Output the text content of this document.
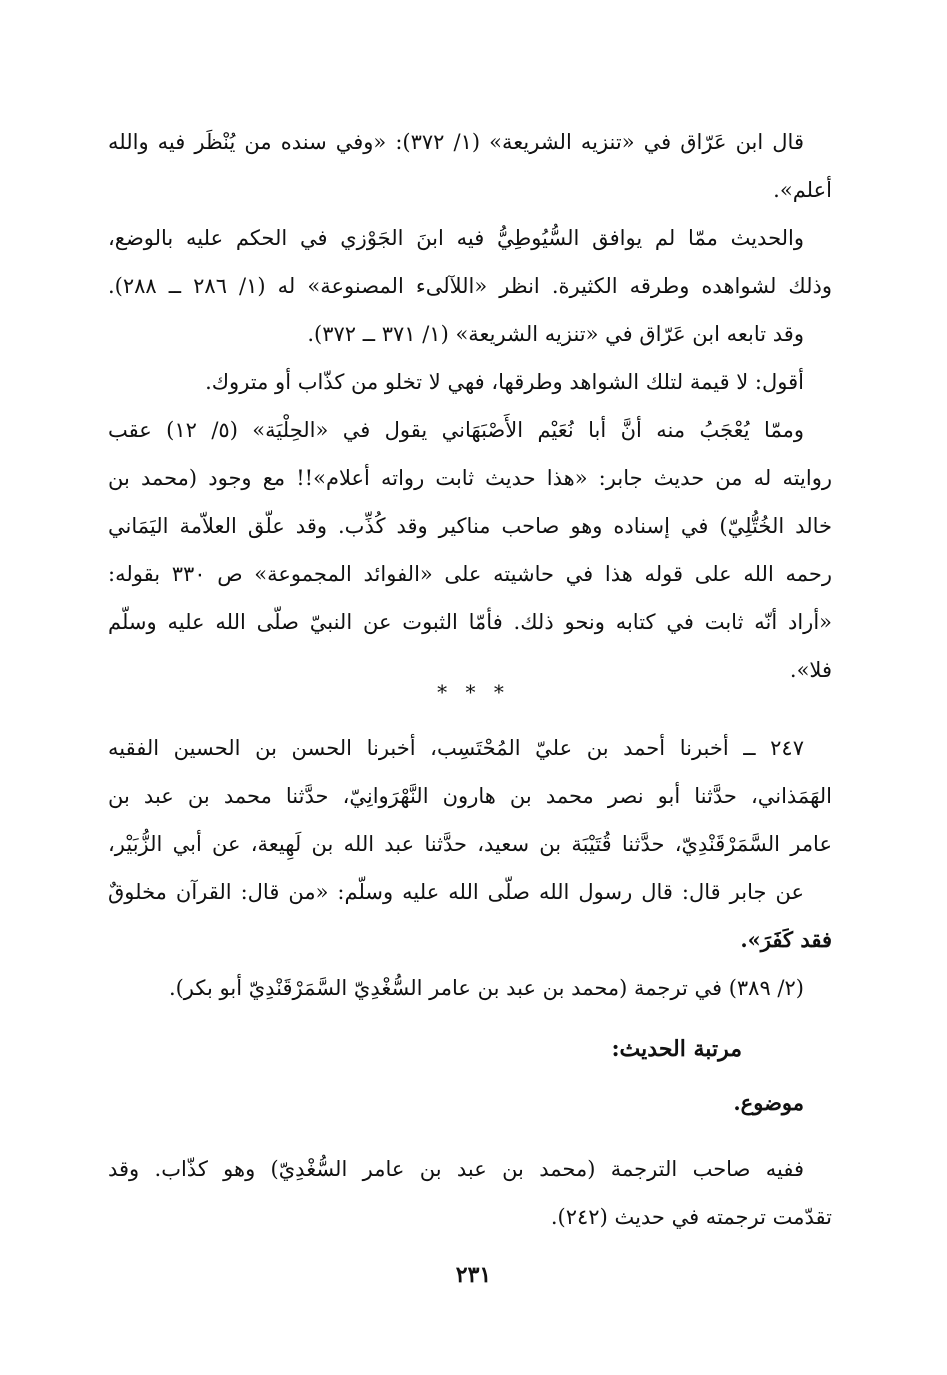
قال ابن عَرّاق في «تنزيه الشريعة» (١/ ٣٧٢): «وفي سنده من يُنْظَر فيه والله
أعلم».
والحديث ممّا لم يوافق السُّيُوطِيُّ فيه ابنَ الجَوْزي في الحكم عليه بالوضع،
وذلك لشواهده وطرقه الكثيرة. انظر «اللآلىء المصنوعة» له (١/ ٢٨٦ ــ ٢٨٨).
وقد تابعه ابن عَرّاق في «تنزيه الشريعة» (١/ ٣٧١ ــ ٣٧٢).
أقول: لا قيمة لتلك الشواهد وطرقها، فهي لا تخلو من كذّاب أو متروك.
وممّا يُعْجَبُ منه أنَّ أبا نُعَيْم الأَصْبَهَاني يقول في «الحِلْيَة» (٥/ ١٢) عقب
روايته له من حديث جابر: «هذا حديث ثابت رواته أعلام»!! مع وجود (محمد بن
خالد الخُتُّلِيّ) في إسناده وهو صاحب مناكير وقد كُذِّب. وقد علّق العلاّمة اليَمَاني
رحمه الله على قوله هذا في حاشيته على «الفوائد المجموعة» ص ٣٣٠ بقوله:
«أراد أنّه ثابت في كتابه ونحو ذلك. فأمّا الثبوت عن النبيّ صلّى الله عليه وسلّم
فلا».
* * *
٢٤٧ ــ أخبرنا أحمد بن عليّ المُحْتَسِب، أخبرنا الحسن بن الحسين الفقيه
الهَمَذاني، حدَّثنا أبو نصر محمد بن هارون النَّهْرَوانِيّ، حدَّثنا محمد بن عبد بن
عامر السَّمَرْقَنْدِيّ، حدَّثنا قُتَيْبَة بن سعيد، حدَّثنا عبد الله بن لَهِيعة، عن أبي الزُّبَيْر،
عن جابر قال: قال رسول الله صلّى الله عليه وسلّم: «من قال: القرآن مخلوقٌ
فقد كَفَرَ».
(٢/ ٣٨٩) في ترجمة (محمد بن عبد بن عامر السُّغْدِيّ السَّمَرْقَنْدِيّ أبو بكر).
مرتبة الحديث:
موضوع.
ففيه صاحب الترجمة (محمد بن عبد بن عامر السُّغْدِيّ) وهو كذّاب. وقد
تقدّمت ترجمته في حديث (٢٤٢).
٢٣١
